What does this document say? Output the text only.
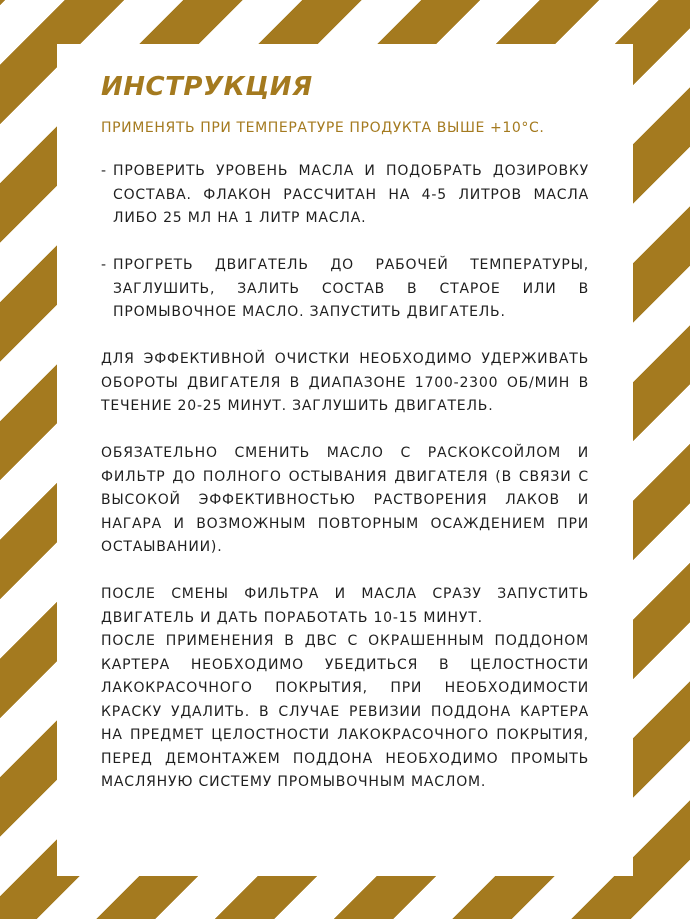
ИНСТРУКЦИЯ
ПРИМЕНЯТЬ ПРИ ТЕМПЕРАТУРЕ ПРОДУКТА ВЫШЕ +10°С.

- ПРОВЕРИТЬ УРОВЕНЬ МАСЛА И ПОДОБРАТЬ ДОЗИРОВКУ СОСТАВА. ФЛАКОН РАССЧИТАН НА 4-5 ЛИТРОВ МАСЛА ЛИБО 25 МЛ НА 1 ЛИТР МАСЛА.

- ПРОГРЕТЬ ДВИГАТЕЛЬ ДО РАБОЧЕЙ ТЕМПЕРАТУРЫ, ЗАГЛУШИТЬ, ЗАЛИТЬ СОСТАВ В СТАРОЕ ИЛИ В ПРОМЫВОЧНОЕ МАСЛО. ЗАПУСТИТЬ ДВИГАТЕЛЬ.

ДЛЯ ЭФФЕКТИВНОЙ ОЧИСТКИ НЕОБХОДИМО УДЕРЖИВАТЬ ОБОРОТЫ ДВИГАТЕЛЯ В ДИАПАЗОНЕ 1700-2300 ОБ/МИН В ТЕЧЕНИЕ 20-25 МИНУТ. ЗАГЛУШИТЬ ДВИГАТЕЛЬ.

ОБЯЗАТЕЛЬНО СМЕНИТЬ МАСЛО С РАСКОКСОЙЛОМ И ФИЛЬТР ДО ПОЛНОГО ОСТЫВАНИЯ ДВИГАТЕЛЯ (В СВЯЗИ С ВЫСОКОЙ ЭФФЕКТИВНОСТЬЮ РАСТВОРЕНИЯ ЛАКОВ И НАГАРА И ВОЗМОЖНЫМ ПОВТОРНЫМ ОСАЖДЕНИЕМ ПРИ ОСТАЫВАНИИ).

ПОСЛЕ СМЕНЫ ФИЛЬТРА И МАСЛА СРАЗУ ЗАПУСТИТЬ ДВИГАТЕЛЬ И ДАТЬ ПОРАБОТАТЬ 10-15 МИНУТ.

ПОСЛЕ ПРИМЕНЕНИЯ В ДВС С ОКРАШЕННЫМ ПОДДОНОМ КАРТЕРА НЕОБХОДИМО УБЕДИТЬСЯ В ЦЕЛОСТНОСТИ ЛАКОКРАСОЧНОГО ПОКРЫТИЯ, ПРИ НЕОБХОДИМОСТИ КРАСКУ УДАЛИТЬ. В СЛУЧАЕ РЕВИЗИИ ПОДДОНА КАРТЕРА НА ПРЕДМЕТ ЦЕЛОСТНОСТИ ЛАКОКРАСОЧНОГО ПОКРЫТИЯ, ПЕРЕД ДЕМОНТАЖЕМ ПОДДОНА НЕОБХОДИМО ПРОМЫТЬ МАСЛЯНУЮ СИСТЕМУ ПРОМЫВОЧНЫМ МАСЛОМ.
